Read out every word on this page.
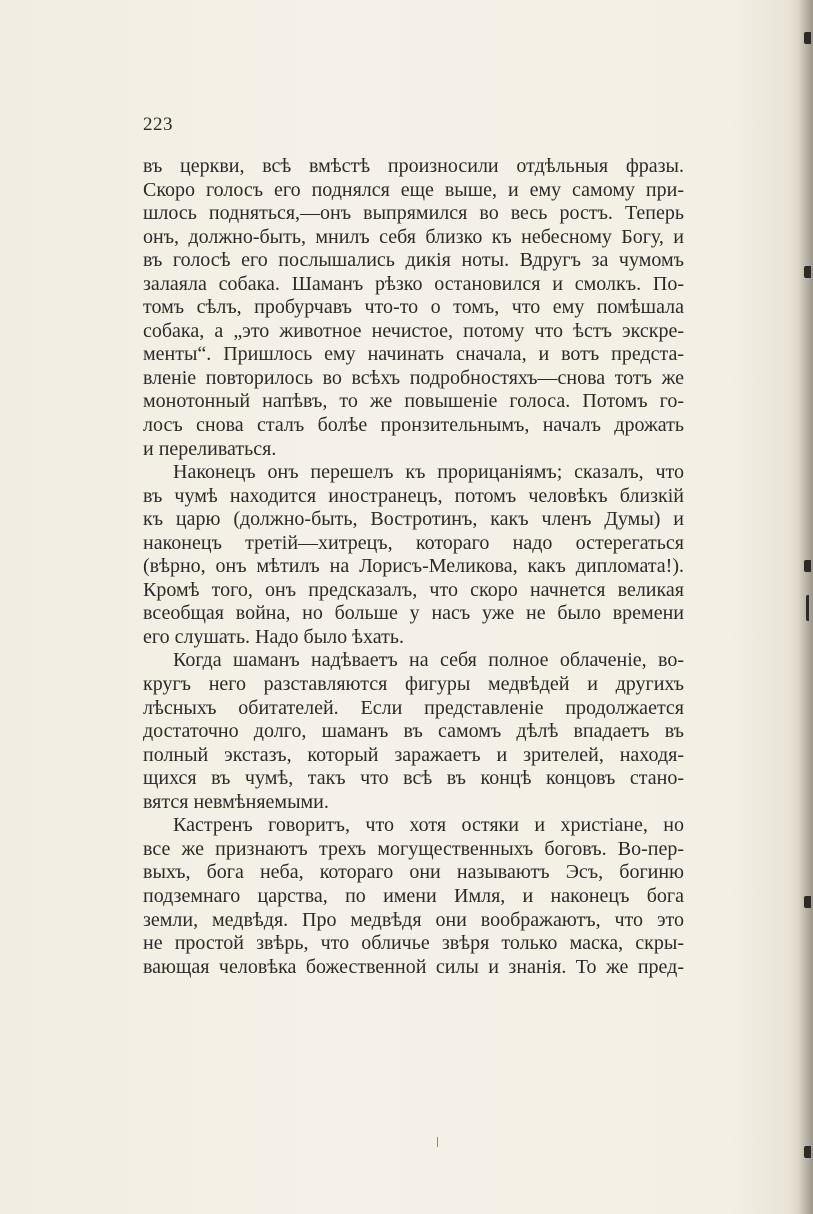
223
въ церкви, всѣ вмѣстѣ произносили отдѣльныя фразы.
Скоро голосъ его поднялся еще выше, и ему самому при-
шлось подняться,—онъ выпрямился во весь ростъ. Теперь
онъ, должно-быть, мнилъ себя близко къ небесному Богу, и
въ голосѣ его послышались дикія ноты. Вдругъ за чумомъ
залаяла собака. Шаманъ рѣзко остановился и смолкъ. По-
томъ сѣлъ, пробурчавъ что-то о томъ, что ему помѣшала
собака, а „это животное нечистое, потому что ѣстъ экскре-
менты“. Пришлось ему начинать сначала, и вотъ предста-
вленіе повторилось во всѣхъ подробностяхъ—снова тотъ же
монотонный напѣвъ, то же повышеніе голоса. Потомъ го-
лосъ снова сталъ болѣе пронзительнымъ, началъ дрожать
и переливаться.
Наконецъ онъ перешелъ къ прорицаніямъ; сказалъ, что
въ чумѣ находится иностранецъ, потомъ человѣкъ близкій
къ царю (должно-быть, Востротинъ, какъ членъ Думы) и
наконецъ третій—хитрецъ, котораго надо остерегаться
(вѣрно, онъ мѣтилъ на Лорисъ-Меликова, какъ дипломата!).
Кромѣ того, онъ предсказалъ, что скоро начнется великая
всеобщая война, но больше у насъ уже не было времени
его слушать. Надо было ѣхать.
Когда шаманъ надѣваетъ на себя полное облаченіе, во-
кругъ него разставляются фигуры медвѣдей и другихъ
лѣсныхъ обитателей. Если представленіе продолжается
достаточно долго, шаманъ въ самомъ дѣлѣ впадаетъ въ
полный экстазъ, который заражаетъ и зрителей, находя-
щихся въ чумѣ, такъ что всѣ въ концѣ концовъ стано-
вятся невмѣняемыми.
Кастренъ говоритъ, что хотя остяки и христіане, но
все же признаютъ трехъ могущественныхъ боговъ. Во-пер-
выхъ, бога неба, котораго они называютъ Эсъ, богиню
подземнаго царства, по имени Имля, и наконецъ бога
земли, медвѣдя. Про медвѣдя они воображаютъ, что это
не простой звѣрь, что обличье звѣря только маска, скры-
вающая человѣка божественной силы и знанія. То же пред-
